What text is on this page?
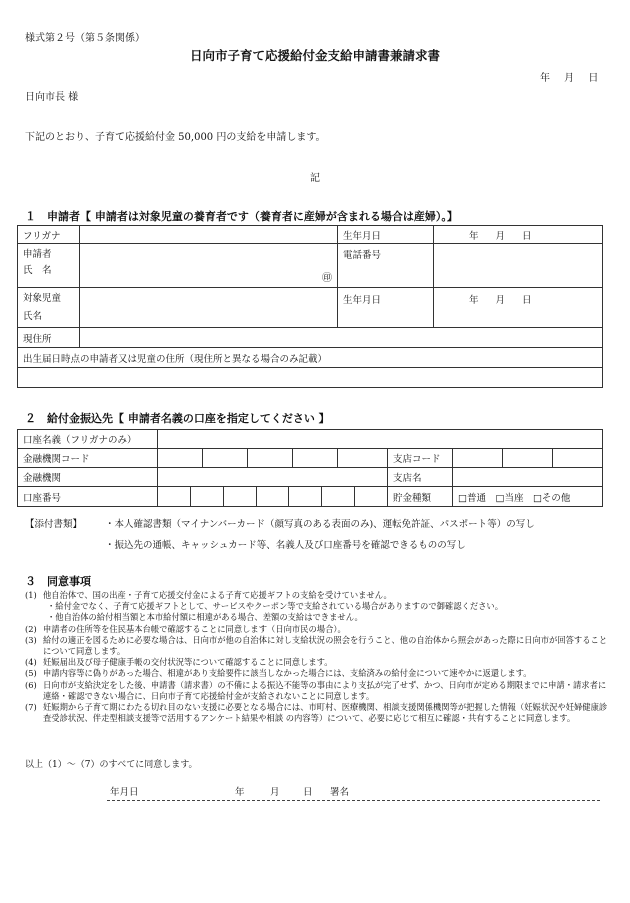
様式第２号（第５条関係）
日向市子育て応援給付金支給申請書兼請求書
年 月 日
日向市長 様
下記のとおり、子育て応援給付金 50,000 円の支給を申請します。
記
１　申請者【 申請者は対象児童の養育者です（養育者に産婦が含まれる場合は産婦）。】
フリガナ		生年月日	年 月 日

申請者
氏　名	㊞	電話番号	

対象児童
氏名		生年月日	年 月 日
現住所			
出生届日時点の申請者又は児童の住所（現住所と異なる場合のみ記載）			

２　給付金振込先【 申請者名義の口座を指定してください 】
口座名義（フリガナのみ）									
金融機関コード						支店コード			
金融機関						支店名			
口座番号						貯金種類	□普通　□当座　□その他		
【添付書類】 ・本人確認書類（マイナンバーカード（顔写真のある表面のみ)、運転免許証、パスポート等）の写し
・振込先の通帳、キャッシュカード等、名義人及び口座番号を確認できるものの写し
３　同意事項
(1) 他自治体で、国の出産・子育て応援交付金による子育て応援ギフトの支給を受けていません。
・給付金でなく、子育て応援ギフトとして、サービスやクーポン等で支給されている場合がありますので御確認ください。
・他自治体の給付相当額と本市給付額に相違がある場合、差額の支給はできません。
(2) 申請者の住所等を住民基本台帳で確認することに同意します（日向市民の場合）。
(3) 給付の適正を図るために必要な場合は、日向市が他の自治体に対し支給状況の照会を行うこと、他の自治体から照会があった際に日向市が回答することについて同意します。
(4) 妊娠届出及び母子健康手帳の交付状況等について確認することに同意します。
(5) 申請内容等に偽りがあった場合、相違があり支給要件に該当しなかった場合には、支給済みの給付金について速やかに返還します。
(6) 日向市が支給決定をした後、申請書（請求書）の不備による振込不能等の事由により支払が完了せず、かつ、日向市が定める期限までに申請・請求者に連絡・確認できない場合に、日向市子育て応援給付金が支給されないことに同意します。
(7) 妊娠期から子育て期にわたる切れ目のない支援に必要となる場合には、市町村、医療機関、相談支援関係機関等が把握した情報（妊娠状況や妊婦健康診査受診状況、伴走型相談支援等で活用するアンケート結果や相談 の内容等）について、必要に応じて相互に確認・共有することに同意します。
以上（1）～（7）のすべてに同意します。
年月日	年	月 日 署名
